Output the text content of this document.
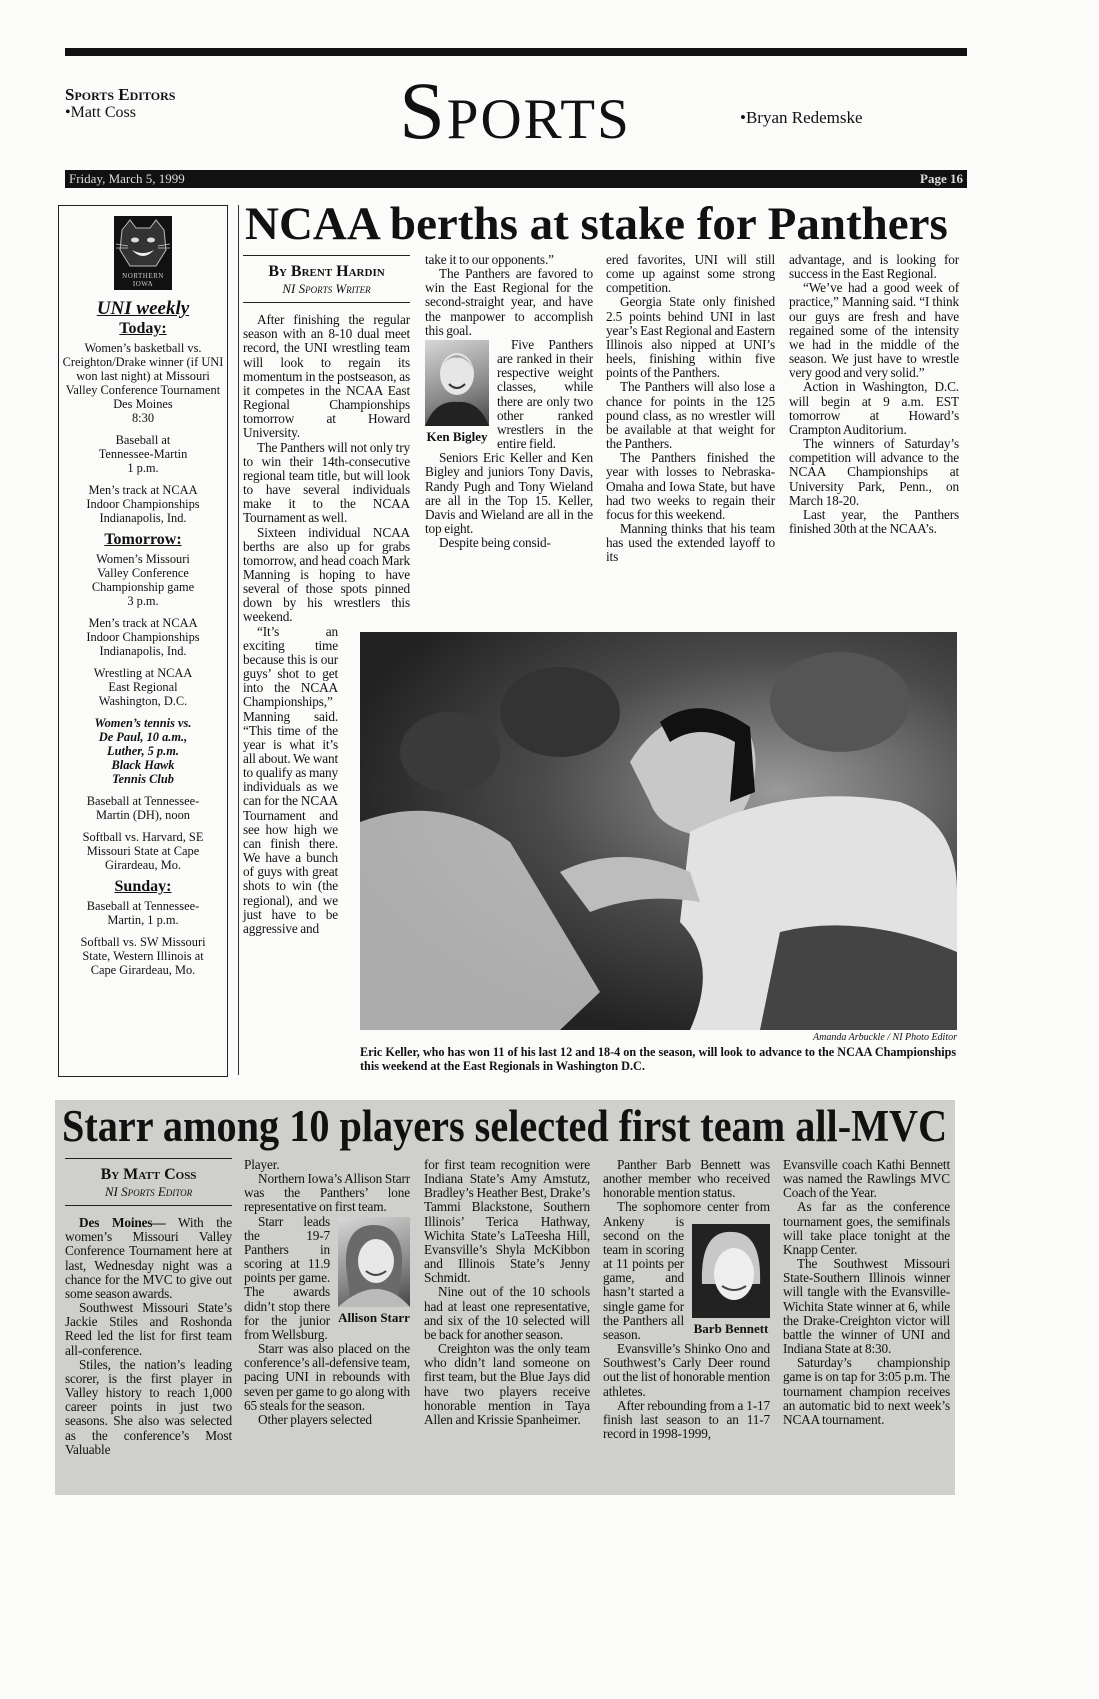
Sports Editors
•Matt Coss	Sports	•Bryan Redemske
Friday, March 5, 1999	Page 16
NORTHERN IOWA
UNI weekly
Today:
Women’s basketball vs.
Creighton/Drake winner (if UNI won last night) at Missouri Valley Conference Tournament
Des Moines
8:30
Baseball at
Tennessee-Martin
1 p.m.
Men’s track at NCAA
Indoor Championships
Indianapolis, Ind.
Tomorrow:
Women’s Missouri
Valley Conference
Championship game
3 p.m.
Men’s track at NCAA
Indoor Championships
Indianapolis, Ind.
Wrestling at NCAA
East Regional
Washington, D.C.
Women’s tennis vs.
De Paul, 10 a.m.,
Luther, 5 p.m.
Black Hawk
Tennis Club
Baseball at Tennessee-
Martin (DH), noon
Softball vs. Harvard, SE
Missouri State at Cape
Girardeau, Mo.
Sunday:
Baseball at Tennessee-
Martin, 1 p.m.
Softball vs. SW Missouri
State, Western Illinois at
Cape Girardeau, Mo.
NCAA berths at stake for Panthers
By Brent Hardin
NI Sports Writer

After finishing the regular season with an 8-10 dual meet record, the UNI wrestling team will look to regain its momentum in the postseason, as it competes in the NCAA East Regional Championships tomorrow at Howard University.

The Panthers will not only try to win their 14th-consecutive regional team title, but will look to have several individuals make it to the NCAA Tournament as well.

Sixteen individual NCAA berths are also up for grabs tomorrow, and head coach Mark Manning is hoping to have several of those spots pinned down by his wrestlers this weekend.

“It’s an exciting time because this is our guys’ shot to get into the NCAA Championships,” Manning said. “This time of the year is what it’s all about. We want to qualify as many individuals as we can for the NCAA Tournament and see how high we can finish there. We have a bunch of guys with great shots to win (the regional), and we just have to be aggressive and

take it to our opponents.”

The Panthers are favored to win the East Regional for the second-straight year, and have the manpower to accomplish this goal.

Ken Bigley

Five Panthers are ranked in their respective weight classes, while there are only two other ranked wrestlers in the entire field.

Seniors Eric Keller and Ken Bigley and juniors Tony Davis, Randy Pugh and Tony Wieland are all in the Top 15. Keller, Davis and Wieland are all in the top eight.

Despite being consid-

ered favorites, UNI will still come up against some strong competition.

Georgia State only finished 2.5 points behind UNI in last year’s East Regional and Eastern Illinois also nipped at UNI’s heels, finishing within five points of the Panthers.

The Panthers will also lose a chance for points in the 125 pound class, as no wrestler will be available at that weight for the Panthers.

The Panthers finished the year with losses to Nebraska-Omaha and Iowa State, but have had two weeks to regain their focus for this weekend.

Manning thinks that his team has used the extended layoff to its

advantage, and is looking for success in the East Regional.

“We’ve had a good week of practice,” Manning said. “I think our guys are fresh and have regained some of the intensity we had in the middle of the season. We just have to wrestle very good and very solid.”

Action in Washington, D.C. will begin at 9 a.m. EST tomorrow at Howard’s Crampton Auditorium.

The winners of Saturday’s competition will advance to the NCAA Championships at University Park, Penn., on March 18-20.

Last year, the Panthers finished 30th at the NCAA’s.

Amanda Arbuckle / NI Photo Editor
Eric Keller, who has won 11 of his last 12 and 18-4 on the season, will look to advance to the NCAA Championships this weekend at the East Regionals in Washington D.C.
Starr among 10 players selected first team all-MVC
By Matt Coss
NI Sports Editor

Des Moines— With the women’s Missouri Valley Conference Tournament here at last, Wednesday night was a chance for the MVC to give out some season awards.

Southwest Missouri State’s Jackie Stiles and Roshonda Reed led the list for first team all-conference.

Stiles, the nation’s leading scorer, is the first player in Valley history to reach 1,000 career points in just two seasons. She also was selected as the conference’s Most Valuable

Player.

Northern Iowa’s Allison Starr was the Panthers’ lone representative on first team.

Allison Starr

Starr leads the 19-7 Panthers in scoring at 11.9 points per game. The awards didn’t stop there for the junior from Wellsburg.

Starr was also placed on the conference’s all-defensive team, pacing UNI in rebounds with seven per game to go along with 65 steals for the season.

Other players selected

for first team recognition were Indiana State’s Amy Amstutz, Bradley’s Heather Best, Drake’s Tammi Blackstone, Southern Illinois’ Terica Hathway, Wichita State’s LaTeesha Hill, Evansville’s Shyla McKibbon and Illinois State’s Jenny Schmidt.

Nine out of the 10 schools had at least one representative, and six of the 10 selected will be back for another season.

Creighton was the only team who didn’t land someone on first team, but the Blue Jays did have two players receive honorable mention in Taya Allen and Krissie Spanheimer.

Barb Bennett

Panther Barb Bennett was another member who received honorable mention status.

The sophomore center from Ankeny is second on the team in scoring at 11 points per game, and hasn’t started a single game for the Panthers all season.

Evansville’s Shinko Ono and Southwest’s Carly Deer round out the list of honorable mention athletes.

After rebounding from a 1-17 finish last season to an 11-7 record in 1998-1999,

Evansville coach Kathi Bennett was named the Rawlings MVC Coach of the Year.

As far as the conference tournament goes, the semifinals will take place tonight at the Knapp Center.

The Southwest Missouri State-Southern Illinois winner will tangle with the Evansville-Wichita State winner at 6, while the Drake-Creighton victor will battle the winner of UNI and Indiana State at 8:30.

Saturday’s championship game is on tap for 3:05 p.m. The tournament champion receives an automatic bid to next week’s NCAA tournament.
